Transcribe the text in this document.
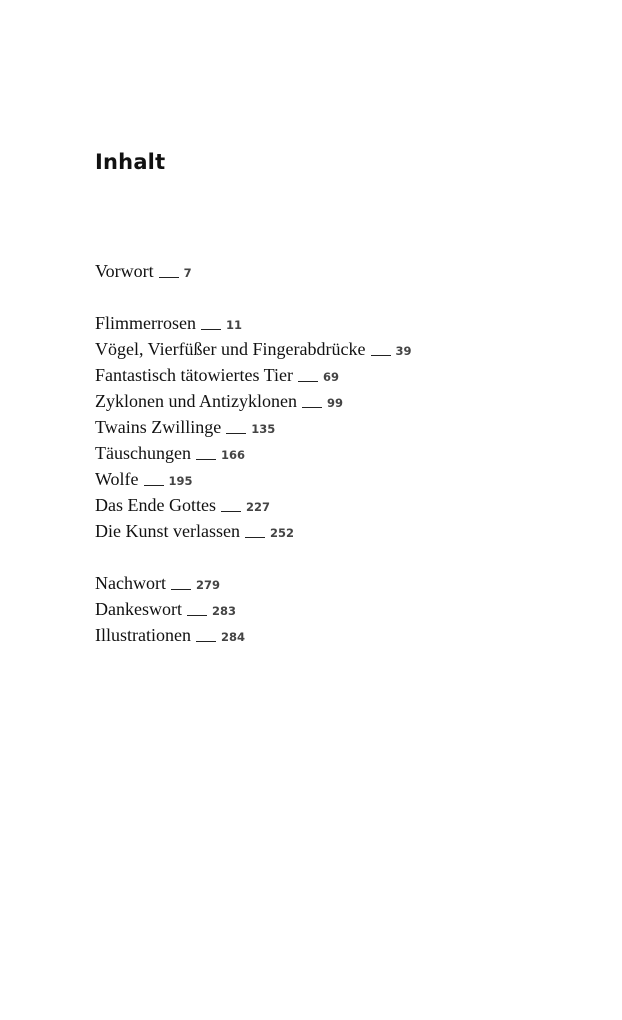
Inhalt
Vorwort	7
Flimmerrosen	11
Vögel, Vierfüßer und Fingerabdrücke	39
Fantastisch tätowiertes Tier	69
Zyklonen und Antizyklonen	99
Twains Zwillinge	135
Täuschungen	166
Wolfe	195
Das Ende Gottes	227
Die Kunst verlassen	252
Nachwort	279
Dankeswort	283
Illustrationen	284
